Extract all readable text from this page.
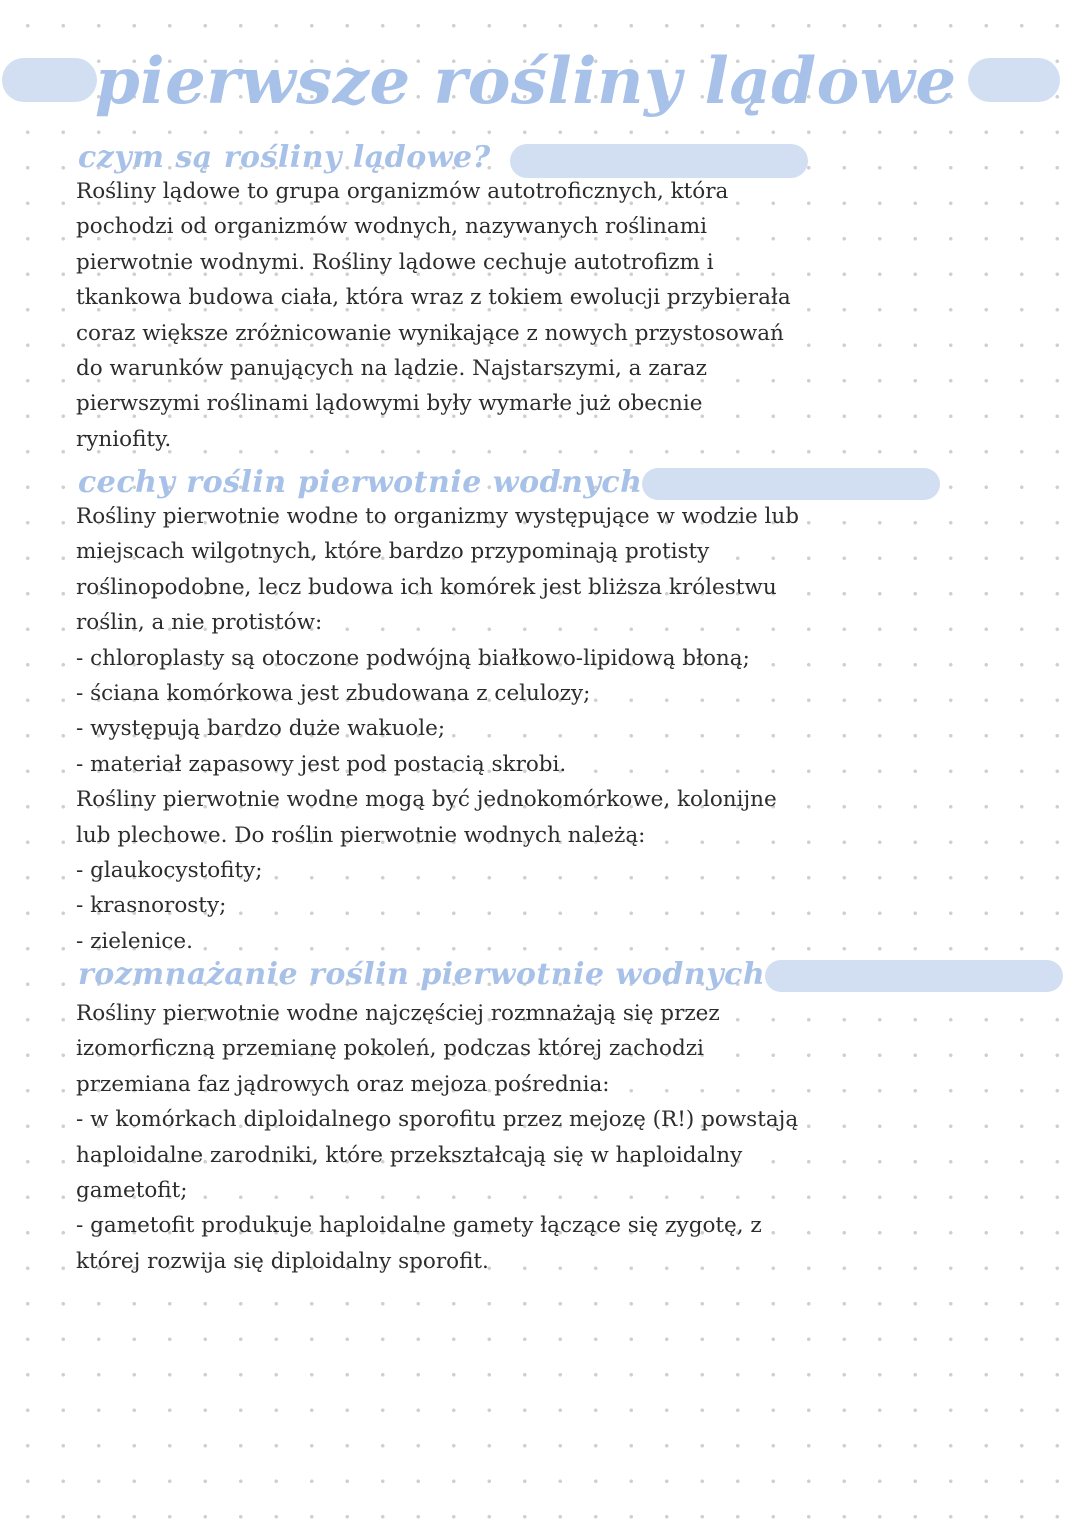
pierwsze rośliny lądowe
czym są rośliny lądowe?
Rośliny lądowe to grupa organizmów autotroficznych, która
pochodzi od organizmów wodnych, nazywanych roślinami
pierwotnie wodnymi. Rośliny lądowe cechuje autotrofizm i
tkankowa budowa ciała, która wraz z tokiem ewolucji przybierała
coraz większe zróżnicowanie wynikające z nowych przystosowań
do warunków panujących na lądzie. Najstarszymi, a zaraz
pierwszymi roślinami lądowymi były wymarłe już obecnie
ryniofity.
cechy roślin pierwotnie wodnych
Rośliny pierwotnie wodne to organizmy występujące w wodzie lub
miejscach wilgotnych, które bardzo przypominają protisty
roślinopodobne, lecz budowa ich komórek jest bliższa królestwu
roślin, a nie protistów:
- chloroplasty są otoczone podwójną białkowo-lipidową błoną;
- ściana komórkowa jest zbudowana z celulozy;
- występują bardzo duże wakuole;
- materiał zapasowy jest pod postacią skrobi.
Rośliny pierwotnie wodne mogą być jednokomórkowe, kolonijne
lub plechowe. Do roślin pierwotnie wodnych należą:
- glaukocystofity;
- krasnorosty;
- zielenice.
rozmnażanie roślin pierwotnie wodnych
Rośliny pierwotnie wodne najczęściej rozmnażają się przez
izomorficzną przemianę pokoleń, podczas której zachodzi
przemiana faz jądrowych oraz mejoza pośrednia:
- w komórkach diploidalnego sporofitu przez mejozę (R!) powstają
haploidalne zarodniki, które przekształcają się w haploidalny
gametofit;
- gametofit produkuje haploidalne gamety łączące się zygotę, z
której rozwija się diploidalny sporofit.
